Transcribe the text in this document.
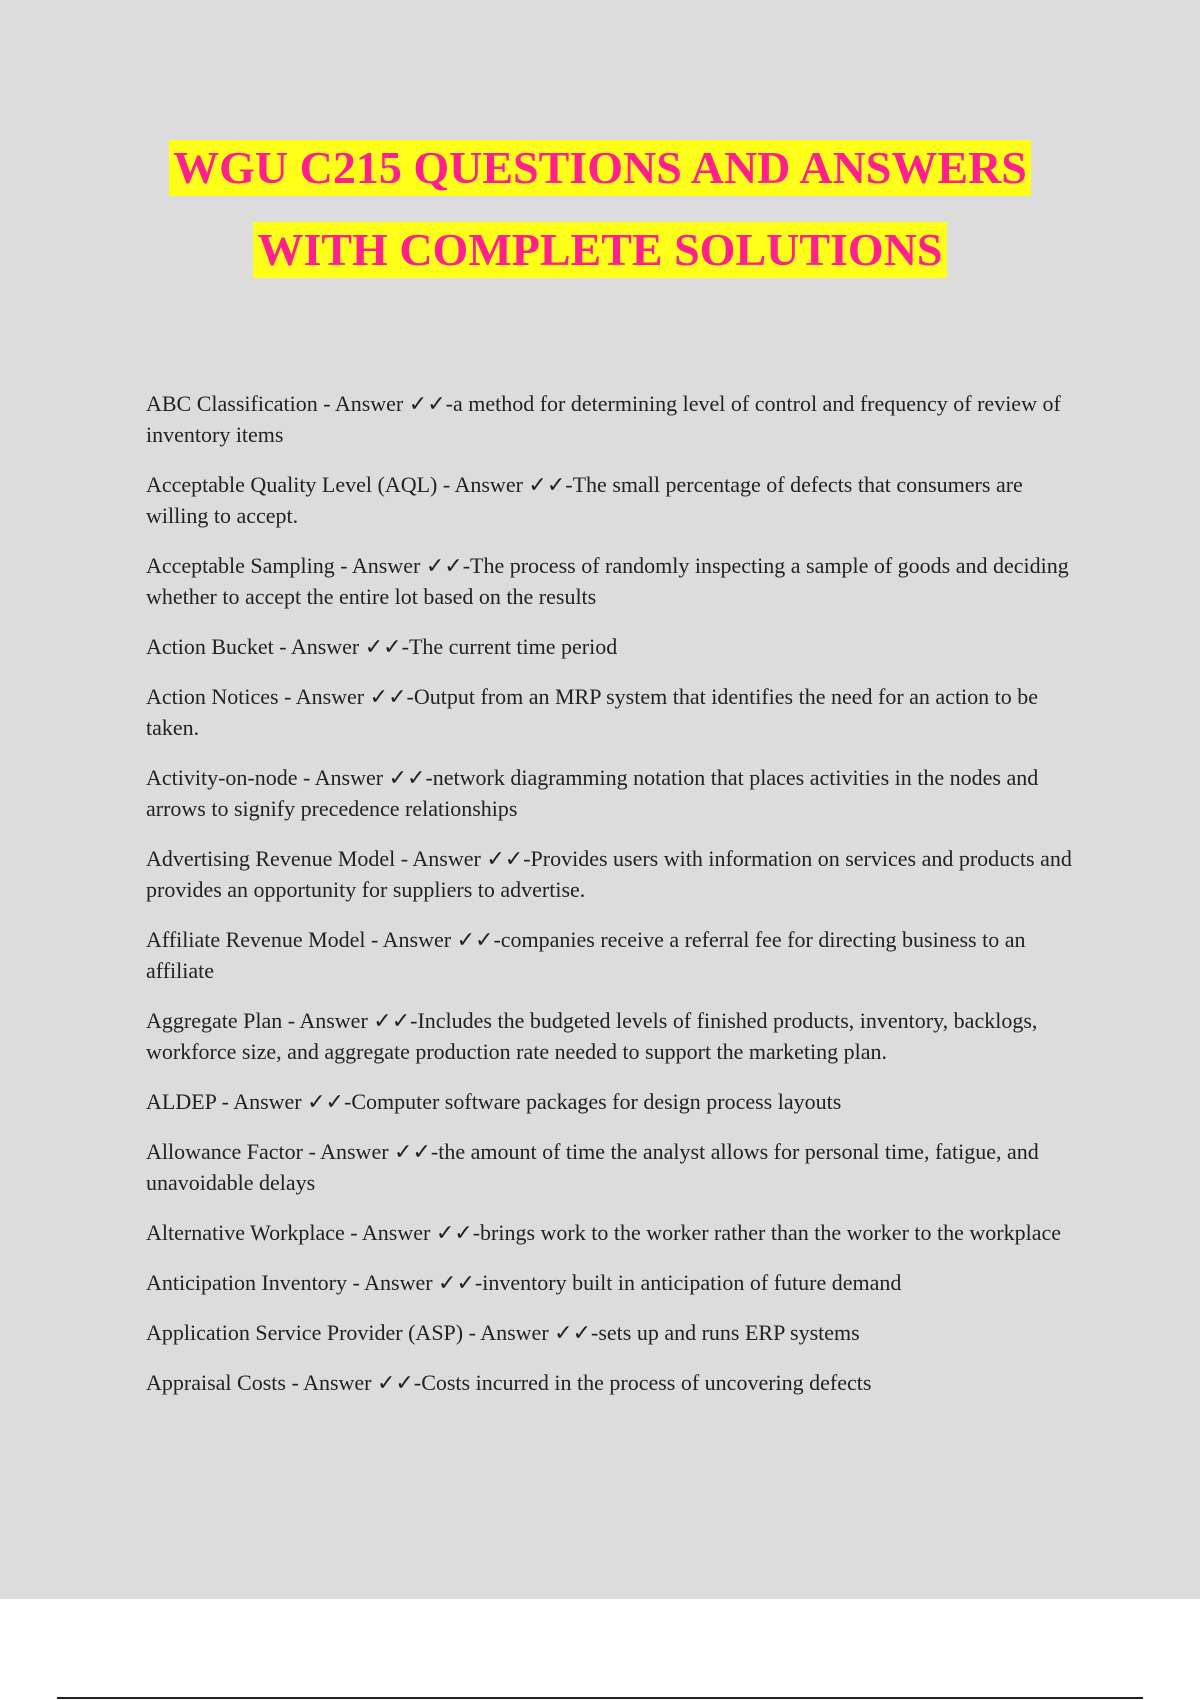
WGU C215 QUESTIONS AND ANSWERS
WITH COMPLETE SOLUTIONS
ABC Classification - Answer ✓✓-a method for determining level of control and frequency of review of inventory items
Acceptable Quality Level (AQL) - Answer ✓✓-The small percentage of defects that consumers are willing to accept.
Acceptable Sampling - Answer ✓✓-The process of randomly inspecting a sample of goods and deciding whether to accept the entire lot based on the results
Action Bucket - Answer ✓✓-The current time period
Action Notices - Answer ✓✓-Output from an MRP system that identifies the need for an action to be taken.
Activity-on-node - Answer ✓✓-network diagramming notation that places activities in the nodes and arrows to signify precedence relationships
Advertising Revenue Model - Answer ✓✓-Provides users with information on services and products and provides an opportunity for suppliers to advertise.
Affiliate Revenue Model - Answer ✓✓-companies receive a referral fee for directing business to an affiliate
Aggregate Plan - Answer ✓✓-Includes the budgeted levels of finished products, inventory, backlogs, workforce size, and aggregate production rate needed to support the marketing plan.
ALDEP - Answer ✓✓-Computer software packages for design process layouts
Allowance Factor - Answer ✓✓-the amount of time the analyst allows for personal time, fatigue, and unavoidable delays
Alternative Workplace - Answer ✓✓-brings work to the worker rather than the worker to the workplace
Anticipation Inventory - Answer ✓✓-inventory built in anticipation of future demand
Application Service Provider (ASP) - Answer ✓✓-sets up and runs ERP systems
Appraisal Costs - Answer ✓✓-Costs incurred in the process of uncovering defects
